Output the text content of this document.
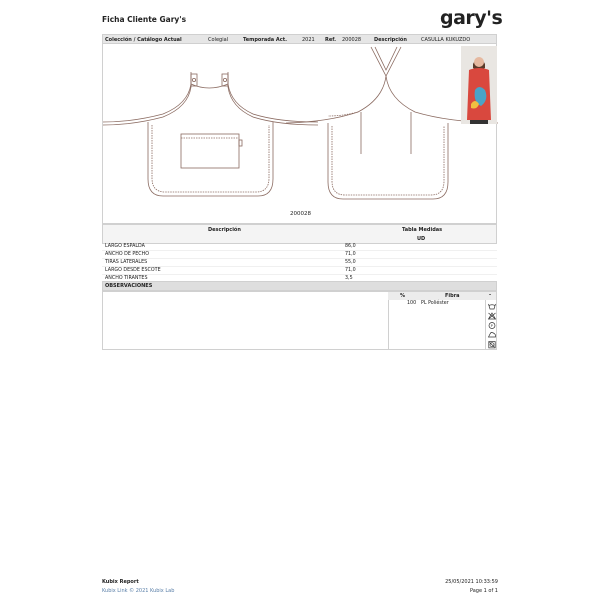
Ficha Cliente Gary's	gary's
Colección / Catálogo Actual	Colegial	Temporada Act.	2021 Ref. 200028	Descripción	CASULLA KUKUZDO
200028
Descripción	Tabla Medidas
UD
LARGO ESPALDA	86,0
ANCHO DE PECHO	71,0
TIRAS LATERALES	55,0
LARGO DESDE ESCOTE	71,0
ANCHO TIRANTES	3,5
OBSERVACIONES
%	Fibra	-
100 PL Poliéster
P
Kubix Report
Kubix Link © 2021 Kubix Lab
25/05/2021 10:33:59
Page 1 of 1
